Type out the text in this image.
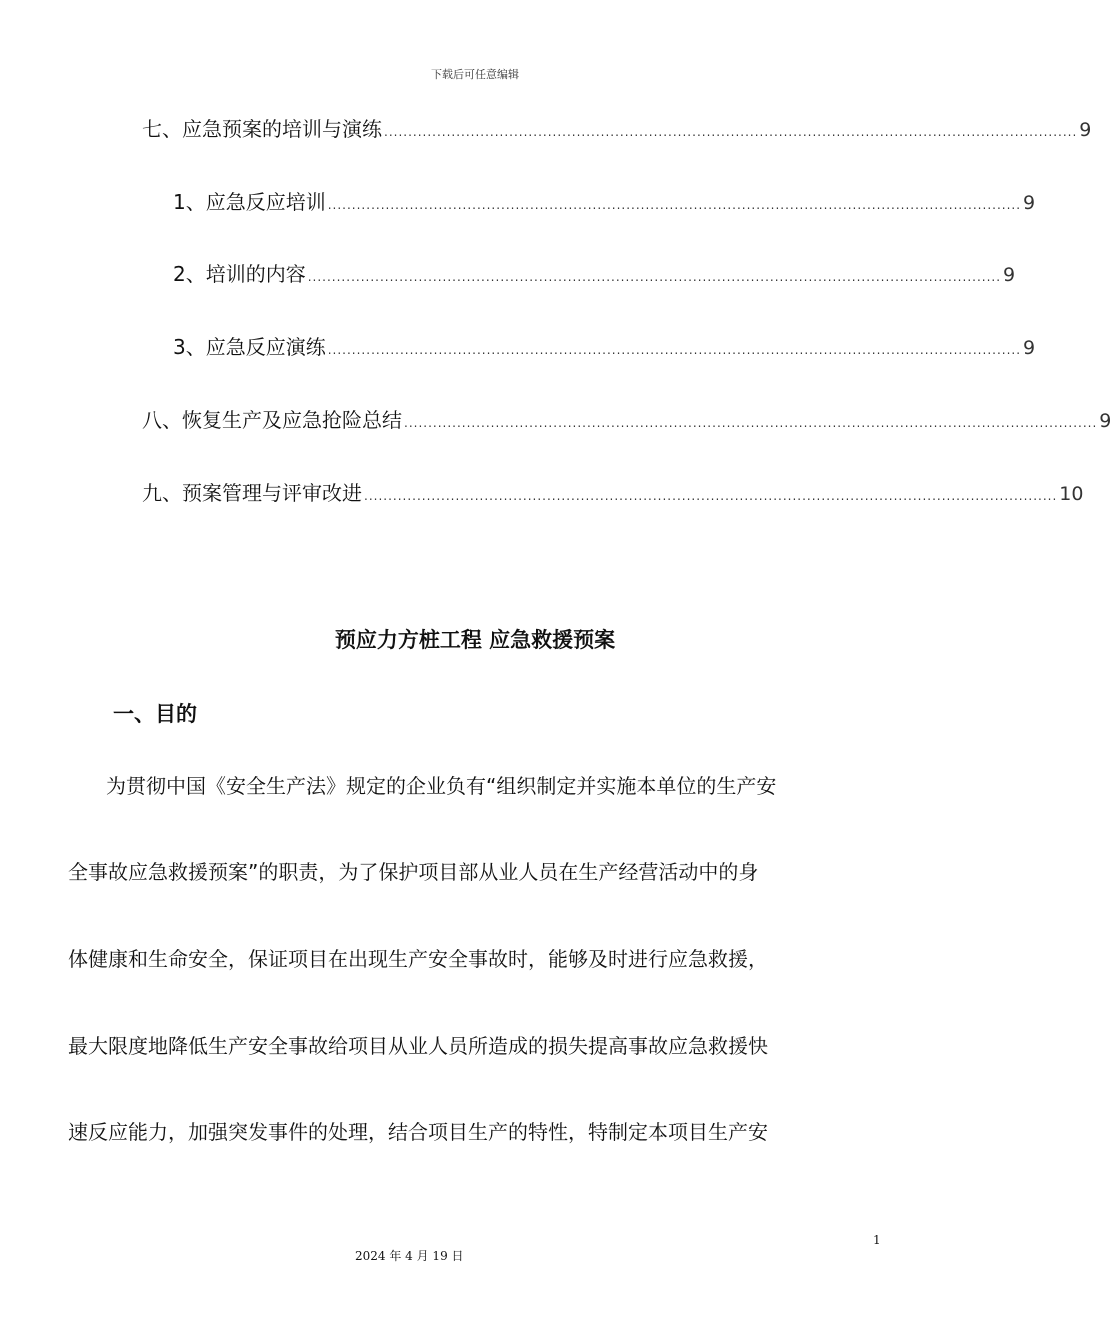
下载后可任意编辑
七、应急预案的培训与演练 ................................................................................................................................................ 9
1、应急反应培训 ................................................................................................................................................ 9
2、培训的内容 ................................................................................................................................................ 9
3、应急反应演练 ................................................................................................................................................ 9
八、恢复生产及应急抢险总结 ................................................................................................................................................ 9
九、预案管理与评审改进 ................................................................................................................................................ 10
预应力方桩工程 应急救援预案
一、目的
为贯彻中国《安全生产法》规定的企业负有“组织制定并实施本单位的生产安
全事故应急救援预案”的职责，为了保护项目部从业人员在生产经营活动中的身
体健康和生命安全，保证项目在出现生产安全事故时，能够及时进行应急救援，
最大限度地降低生产安全事故给项目从业人员所造成的损失提高事故应急救援快
速反应能力，加强突发事件的处理，结合项目生产的特性，特制定本项目生产安
1
2024 年 4 月 19 日
